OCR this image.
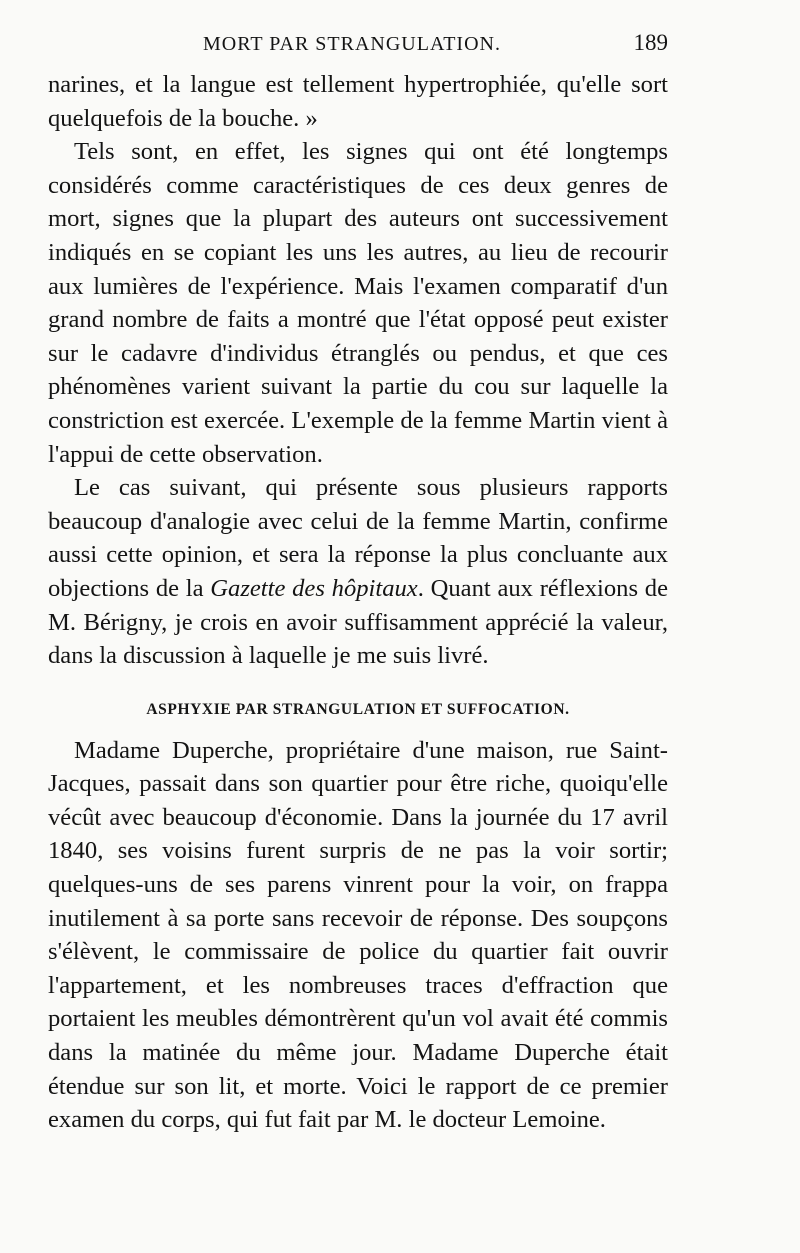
MORT PAR STRANGULATION.	189

narines, et la langue est tellement hypertrophiée, qu'elle sort quelquefois de la bouche. »

Tels sont, en effet, les signes qui ont été longtemps considérés comme caractéristiques de ces deux genres de mort, signes que la plupart des auteurs ont successivement indiqués en se copiant les uns les autres, au lieu de recourir aux lumières de l'expérience. Mais l'examen comparatif d'un grand nombre de faits a montré que l'état opposé peut exister sur le cadavre d'individus étranglés ou pendus, et que ces phénomènes varient suivant la partie du cou sur laquelle la constriction est exercée. L'exemple de la femme Martin vient à l'appui de cette observation.

Le cas suivant, qui présente sous plusieurs rapports beaucoup d'analogie avec celui de la femme Martin, confirme aussi cette opinion, et sera la réponse la plus concluante aux objections de la Gazette des hôpitaux. Quant aux réflexions de M. Bérigny, je crois en avoir suffisamment apprécié la valeur, dans la discussion à laquelle je me suis livré.

ASPHYXIE PAR STRANGULATION ET SUFFOCATION.

Madame Duperche, propriétaire d'une maison, rue Saint-Jacques, passait dans son quartier pour être riche, quoiqu'elle vécût avec beaucoup d'économie. Dans la journée du 17 avril 1840, ses voisins furent surpris de ne pas la voir sortir; quelques-uns de ses parens vinrent pour la voir, on frappa inutilement à sa porte sans recevoir de réponse. Des soupçons s'élèvent, le commissaire de police du quartier fait ouvrir l'appartement, et les nombreuses traces d'effraction que portaient les meubles démontrèrent qu'un vol avait été commis dans la matinée du même jour. Madame Duperche était étendue sur son lit, et morte. Voici le rapport de ce premier examen du corps, qui fut fait par M. le docteur Lemoine.
